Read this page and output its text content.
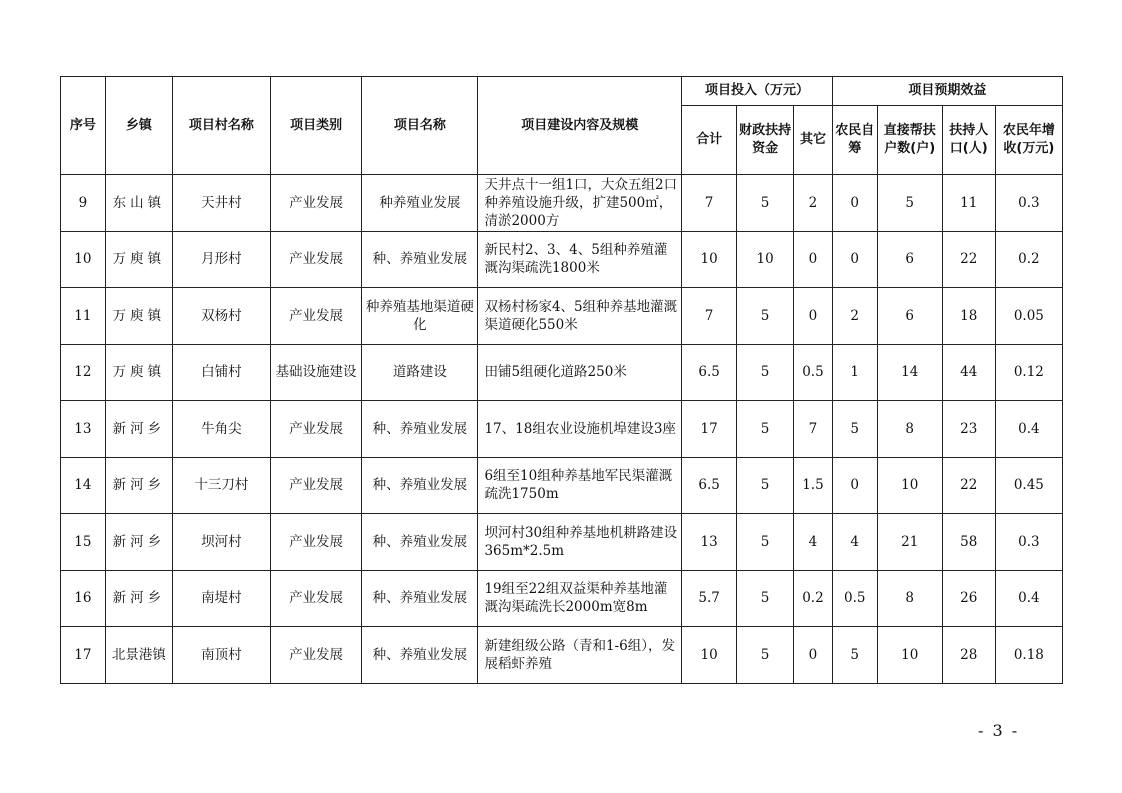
序号	乡镇	项目村名称	项目类别	项目名称	项目建设内容及规模	项目投入（万元）			项目预期效益			
						合计	财政扶持资金	其它	农民自筹	直接帮扶户数(户)	扶持人口(人)	农民年增收(万元)
9	东山镇	天井村	产业发展	种养殖业发展	天井点十一组1口，大众五组2口种养殖设施升级，扩建500㎡，清淤2000方	7	5	2	0	5	11	0.3
10	万庾镇	月形村	产业发展	种、养殖业发展	新民村2、3、4、5组种养殖灌溉沟渠疏洗1800米	10	10	0	0	6	22	0.2
11	万庾镇	双杨村	产业发展	种养殖基地渠道硬化	双杨村杨家4、5组种养基地灌溉渠道硬化550米	7	5	0	2	6	18	0.05
12	万庾镇	白铺村	基础设施建设	道路建设	田铺5组硬化道路250米	6.5	5	0.5	1	14	44	0.12
13	新河乡	牛角尖	产业发展	种、养殖业发展	17、18组农业设施机埠建设3座	17	5	7	5	8	23	0.4
14	新河乡	十三刀村	产业发展	种、养殖业发展	6组至10组种养基地军民渠灌溉疏洗1750m	6.5	5	1.5	0	10	22	0.45
15	新河乡	坝河村	产业发展	种、养殖业发展	坝河村30组种养基地机耕路建设365m*2.5m	13	5	4	4	21	58	0.3
16	新河乡	南堤村	产业发展	种、养殖业发展	19组至22组双益渠种养基地灌溉沟渠疏洗长2000m宽8m	5.7	5	0.2	0.5	8	26	0.4
17	北景港镇	南顶村	产业发展	种、养殖业发展	新建组级公路（青和1-6组），发展稻虾养殖	10	5	0	5	10	28	0.18
- 3 -
